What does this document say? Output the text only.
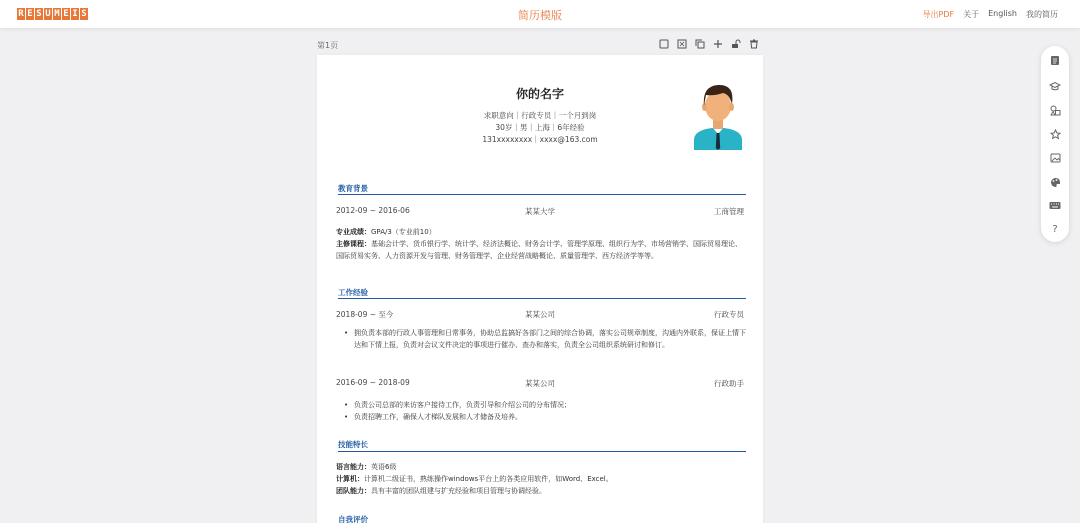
R E S U M E I S	简历模版	导出PDF 关于 English 我的简历
第1页
你的名字
求职意向｜行政专员｜一个月到岗
30岁｜男｜上海｜6年经验
131xxxxxxxx｜xxxx@163.com
教育背景
2012-09 ~ 2016-06	某某大学	工商管理
专业成绩：GPA/3（专业前10）
主修课程：基础会计学、货币银行学、统计学、经济法概论、财务会计学、管理学原理、组织行为学、市场营销学、国际贸易理论、国际贸易实务、人力资源开发与管理、财务管理学、企业经营战略概论、质量管理学、西方经济学等等。
工作经验
2018-09 ~ 至今	某某公司	行政专员
• 拥负责本部的行政人事管理和日常事务，协助总监搞好各部门之间的综合协调，落实公司规章制度，沟通内外联系，保证上情下达和下情上报，负责对会议文件决定的事项进行催办、查办和落实，负责全公司组织系统研讨和修订。
2016-09 ~ 2018-09	某某公司	行政助手
• 负责公司总部的来访客户接待工作，负责引导和介绍公司的分布情况；
• 负责招聘工作，确保人才梯队发展和人才储备及培养。
技能特长
语言能力：英语6级
计算机：计算机二级证书，熟练操作windows平台上的各类应用软件，如Word、Excel。
团队能力：具有丰富的团队组建与扩充经验和项目管理与协调经验。
自我评价
?
